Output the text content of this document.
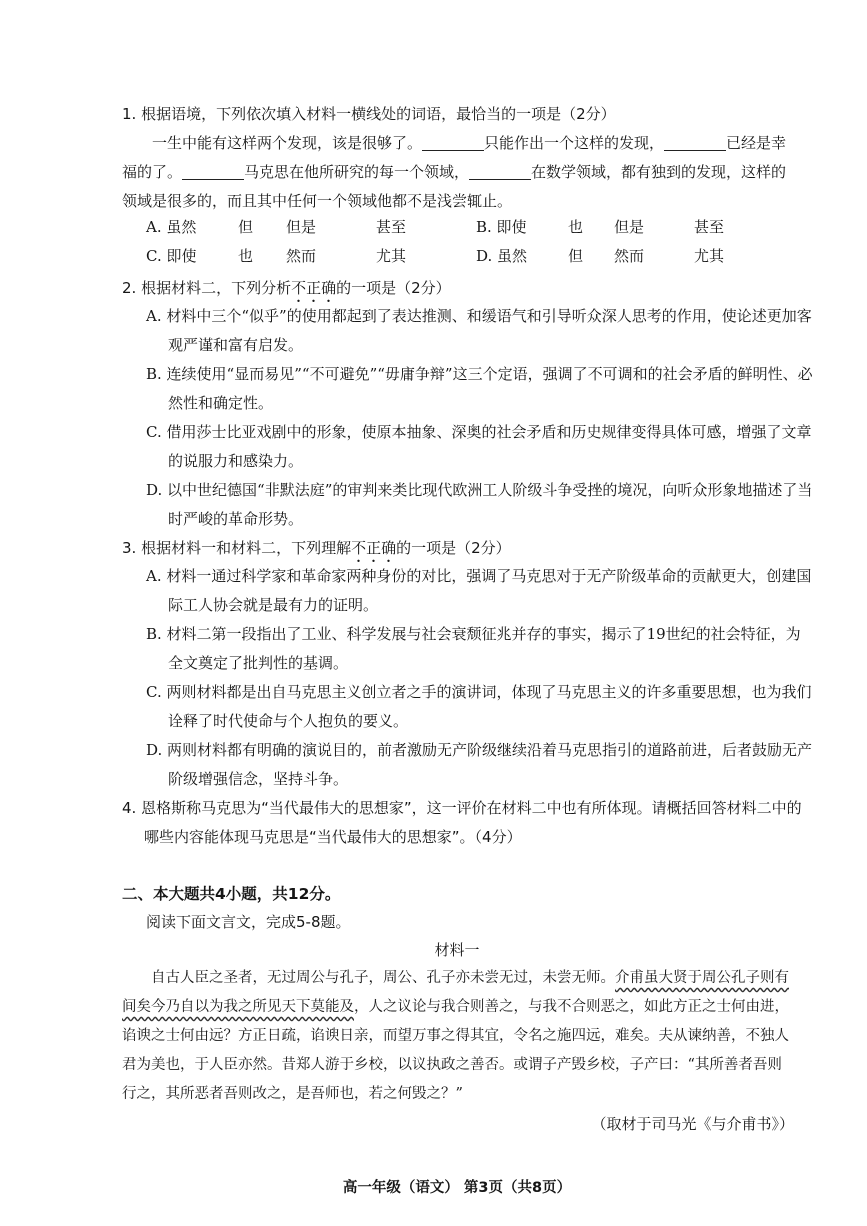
1. 根据语境，下列依次填入材料一横线处的词语，最恰当的一项是（2分）
一生中能有这样两个发现，该是很够了。	只能作出一个这样的发现，	已经是幸福的了。	马克思在他所研究的每一个领域，	在数学领域，都有独到的发现，这样的领域是很多的，而且其中任何一个领域他都不是浅尝辄止。
A. 虽然	但 但是	甚至	B. 即使	也 但是	甚至
C. 即使	也 然而	尤其	D. 虽然	但 然而	尤其
2. 根据材料二，下列分析不正确的一项是（2分）
A. 材料中三个“似乎”的使用都起到了表达推测、和缓语气和引导听众深人思考的作用，使论述更加客观严谨和富有启发。
B. 连续使用“显而易见”“不可避免”“毋庸争辩”这三个定语，强调了不可调和的社会矛盾的鲜明性、必然性和确定性。
C. 借用莎士比亚戏剧中的形象，使原本抽象、深奥的社会矛盾和历史规律变得具体可感，增强了文章的说服力和感染力。
D. 以中世纪德国“非默法庭”的审判来类比现代欧洲工人阶级斗争受挫的境况，向听众形象地描述了当时严峻的革命形势。
3. 根据材料一和材料二，下列理解不正确的一项是（2分）
A. 材料一通过科学家和革命家两种身份的对比，强调了马克思对于无产阶级革命的贡献更大，创建国际工人协会就是最有力的证明。
B. 材料二第一段指出了工业、科学发展与社会衰颓征兆并存的事实，揭示了19世纪的社会特征，为全文奠定了批判性的基调。
C. 两则材料都是出自马克思主义创立者之手的演讲词，体现了马克思主义的许多重要思想，也为我们诠释了时代使命与个人抱负的要义。
D. 两则材料都有明确的演说目的，前者激励无产阶级继续沿着马克思指引的道路前进，后者鼓励无产阶级增强信念，坚持斗争。
4. 恩格斯称马克思为“当代最伟大的思想家”，这一评价在材料二中也有所体现。请概括回答材料二中的哪些内容能体现马克思是“当代最伟大的思想家”。（4分）
二、本大题共4小题，共12分。
阅读下面文言文，完成5-8题。
材料一
自古人臣之圣者，无过周公与孔子，周公、孔子亦未尝无过，未尝无师。介甫虽大贤于周公孔子则有间矣今乃自以为我之所见天下莫能及，人之议论与我合则善之，与我不合则恶之，如此方正之士何由进，谄谀之士何由远？方正日疏，谄谀日亲，而望万事之得其宜，令名之施四远，难矣。夫从谏纳善，不独人君为美也，于人臣亦然。昔郑人游于乡校，以议执政之善否。或谓子产毁乡校，子产曰：“其所善者吾则行之，其所恶者吾则改之，是吾师也，若之何毁之？”
（取材于司马光《与介甫书》）
高一年级（语文） 第3页（共8页）
